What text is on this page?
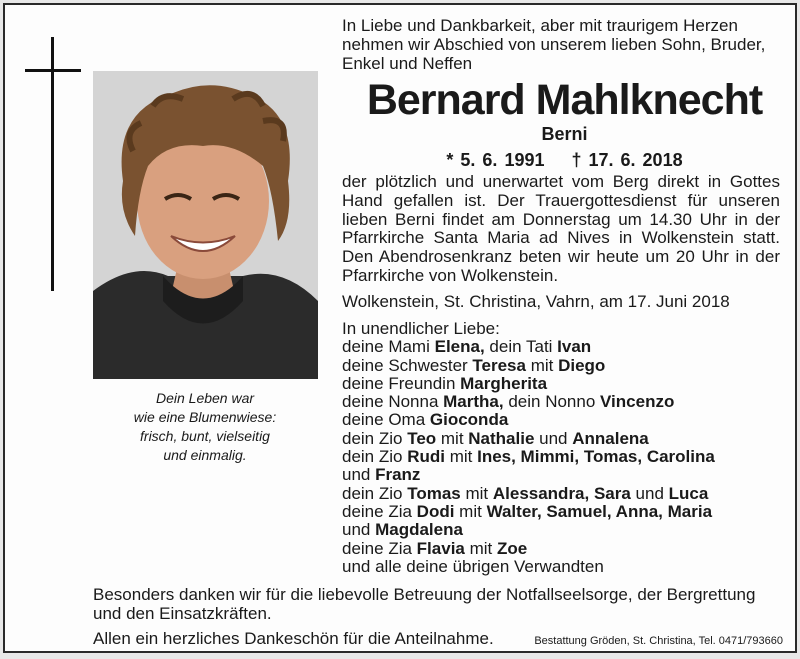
Dein Leben war
wie eine Blumenwiese:
frisch, bunt, vielseitig
und einmalig.
In Liebe und Dankbarkeit, aber mit traurigem Herzen nehmen wir Abschied von unserem lieben Sohn, Bruder, Enkel und Neffen
Bernard Mahlknecht
Berni
* 5. 6. 1991 † 17. 6. 2018
der plötzlich und unerwartet vom Berg direkt in Gottes Hand gefallen ist. Der Trauergottesdienst für unseren lieben Berni findet am Donnerstag um 14.30 Uhr in der Pfarrkirche Santa Maria ad Nives in Wolkenstein statt. Den Abendrosenkranz beten wir heute um 20 Uhr in der Pfarrkirche von Wolkenstein.
Wolkenstein, St. Christina, Vahrn, am 17. Juni 2018
In unendlicher Liebe:
deine Mami Elena, dein Tati Ivan
deine Schwester Teresa mit Diego
deine Freundin Margherita
deine Nonna Martha, dein Nonno Vincenzo
deine Oma Gioconda
dein Zio Teo mit Nathalie und Annalena
dein Zio Rudi mit Ines, Mimmi, Tomas, Carolina
und Franz
dein Zio Tomas mit Alessandra, Sara und Luca
deine Zia Dodi mit Walter, Samuel, Anna, Maria
und Magdalena
deine Zia Flavia mit Zoe
und alle deine übrigen Verwandten
Besonders danken wir für die liebevolle Betreuung der Notfallseelsorge, der Bergrettung und den Einsatzkräften.
Allen ein herzliches Dankeschön für die Anteilnahme.	Bestattung Gröden, St. Christina, Tel. 0471/793660
